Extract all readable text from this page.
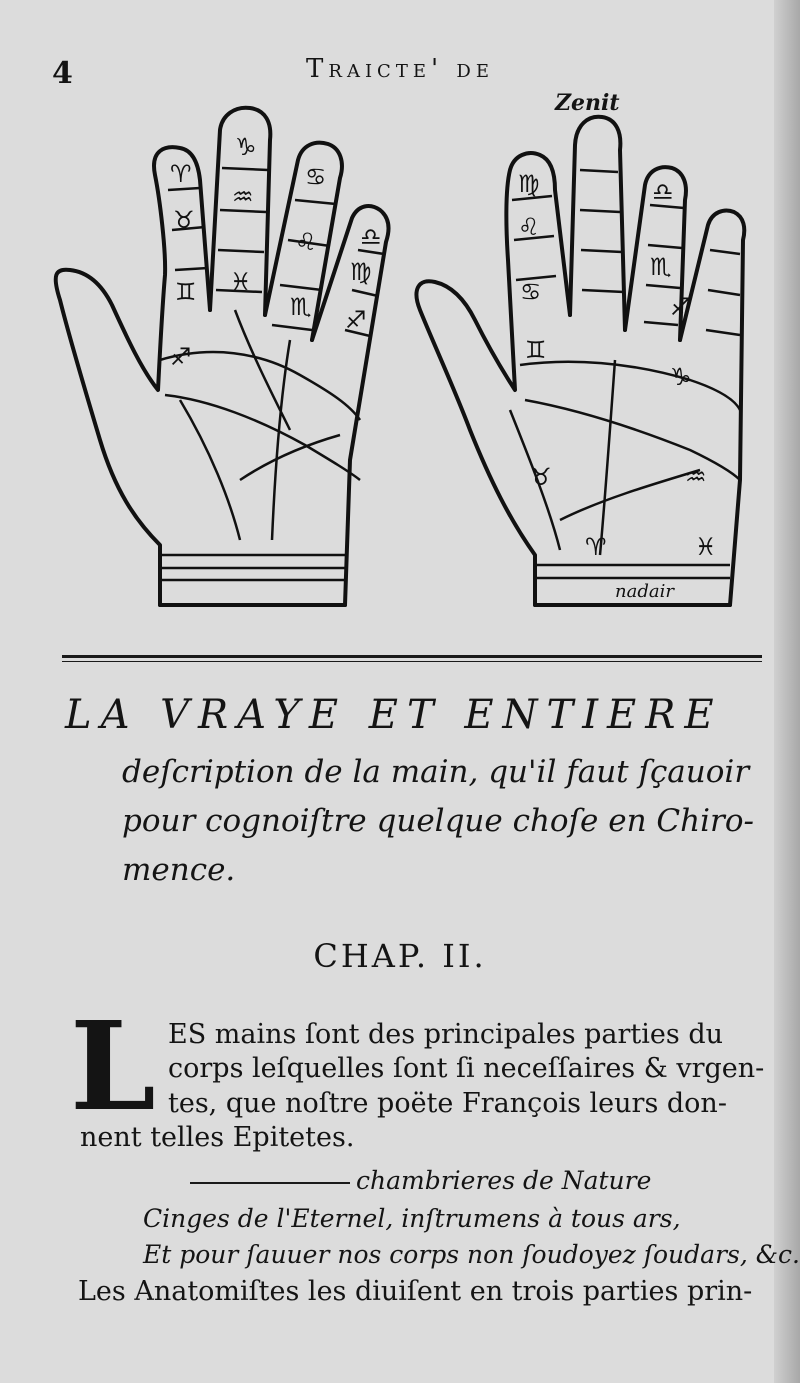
4	Traicte' de
Zenit
♈
♉
♊
♑
♒
♓
♋
♌
♏
♎
♍
♐
♐
♍
♌
♋
♊
♎
♏
♐
♑
♉	♒
♈	♓
nadair
LA VRAYE ET ENTIERE
deſcription de la main, qu'il faut ſçauoir
pour cognoiſtre quelque choſe en Chiro-
mence.
CHAP. II.
L ES mains ſont des principales parties du
corps leſquelles ſont ſi neceſſaires & vrgen-
tes, que noſtre poëte François leurs don-
nent telles Epitetes.
chambrieres de Nature
Cinges de l'Eternel, inſtrumens à tous ars,
Et pour ſauuer nos corps non ſoudoyez ſoudars, &c.
Les Anatomiſtes les diuiſent en trois parties prin-
